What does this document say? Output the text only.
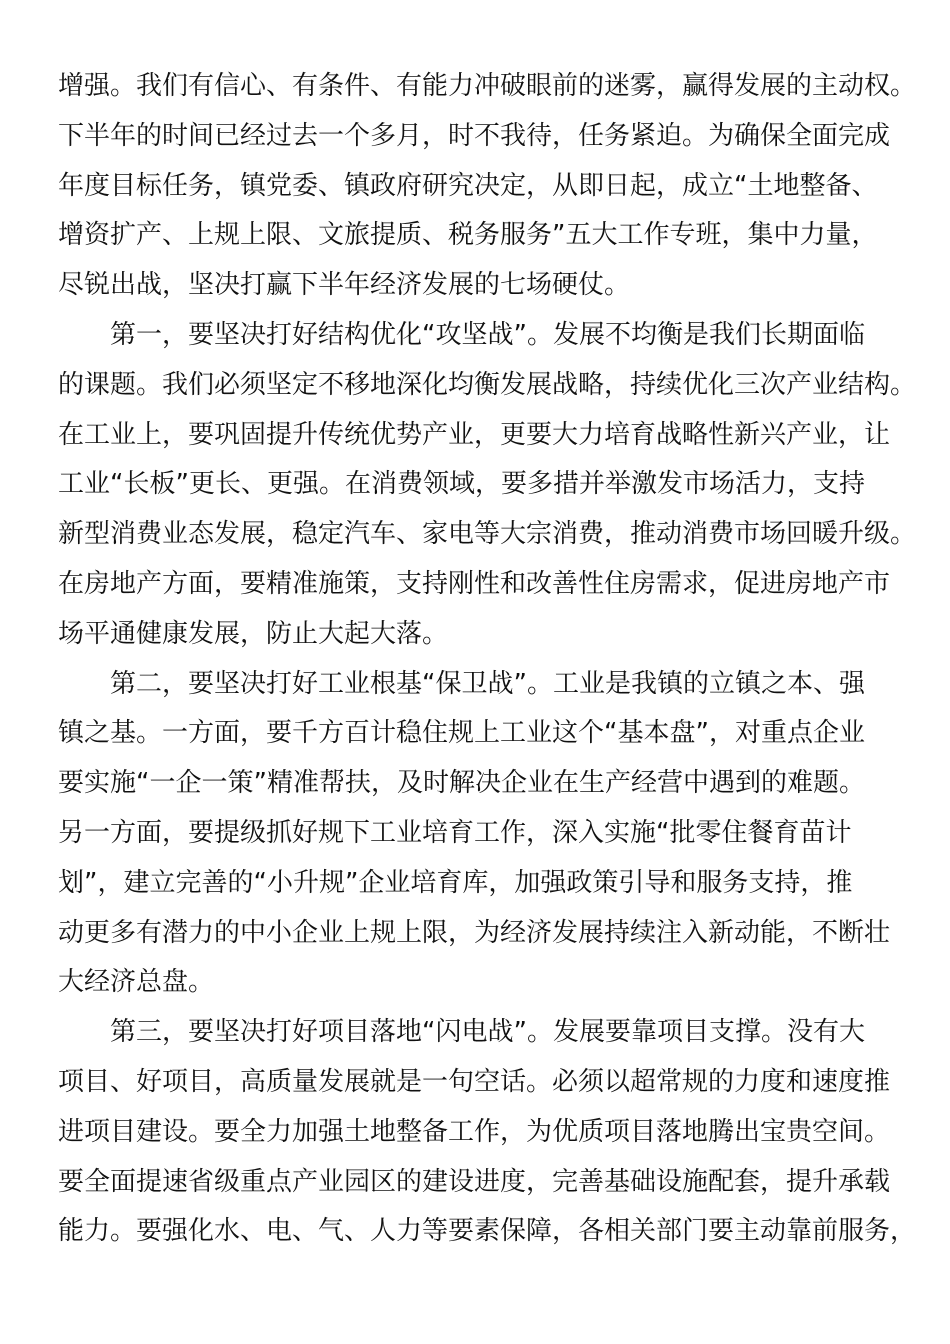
增强。我们有信心、有条件、有能力冲破眼前的迷雾，赢得发展的主动权。
下半年的时间已经过去一个多月，时不我待，任务紧迫。为确保全面完成
年度目标任务，镇党委、镇政府研究决定，从即日起，成立“土地整备、
增资扩产、上规上限、文旅提质、税务服务”五大工作专班，集中力量，
尽锐出战，坚决打赢下半年经济发展的七场硬仗。
第一，要坚决打好结构优化“攻坚战”。发展不均衡是我们长期面临
的课题。我们必须坚定不移地深化均衡发展战略，持续优化三次产业结构。
在工业上，要巩固提升传统优势产业，更要大力培育战略性新兴产业，让
工业“长板”更长、更强。在消费领域，要多措并举激发市场活力，支持
新型消费业态发展，稳定汽车、家电等大宗消费，推动消费市场回暖升级。
在房地产方面，要精准施策，支持刚性和改善性住房需求，促进房地产市
场平通健康发展，防止大起大落。
第二，要坚决打好工业根基“保卫战”。工业是我镇的立镇之本、强
镇之基。一方面，要千方百计稳住规上工业这个“基本盘”，对重点企业
要实施“一企一策”精准帮扶，及时解决企业在生产经营中遇到的难题。
另一方面，要提级抓好规下工业培育工作，深入实施“批零住餐育苗计
划”，建立完善的“小升规”企业培育库，加强政策引导和服务支持，推
动更多有潜力的中小企业上规上限，为经济发展持续注入新动能，不断壮
大经济总盘。
第三，要坚决打好项目落地“闪电战”。发展要靠项目支撑。没有大
项目、好项目，高质量发展就是一句空话。必须以超常规的力度和速度推
进项目建设。要全力加强土地整备工作，为优质项目落地腾出宝贵空间。
要全面提速省级重点产业园区的建设进度，完善基础设施配套，提升承载
能力。要强化水、电、气、人力等要素保障，各相关部门要主动靠前服务，
